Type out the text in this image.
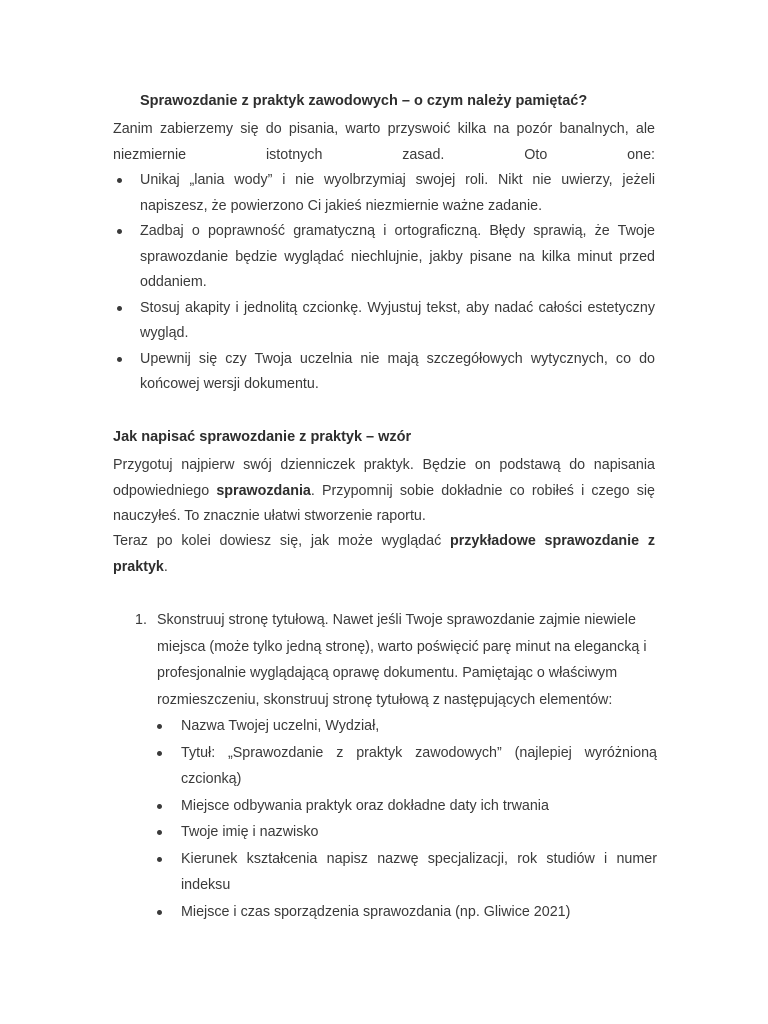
Sprawozdanie z praktyk zawodowych – o czym należy pamiętać?
Zanim zabierzemy się do pisania, warto przyswoić kilka na pozór banalnych, ale niezmiernie istotnych zasad. Oto one:
Unikaj „lania wody” i nie wyolbrzymiaj swojej roli. Nikt nie uwierzy, jeżeli napiszesz, że powierzono Ci jakieś niezmiernie ważne zadanie.
Zadbaj o poprawność gramatyczną i ortograficzną. Błędy sprawią, że Twoje sprawozdanie będzie wyglądać niechlujnie, jakby pisane na kilka minut przed oddaniem.
Stosuj akapity i jednolitą czcionkę. Wyjustuj tekst, aby nadać całości estetyczny wygląd.
Upewnij się czy Twoja uczelnia nie mają szczegółowych wytycznych, co do końcowej wersji dokumentu.
Jak napisać sprawozdanie z praktyk – wzór
Przygotuj najpierw swój dzienniczek praktyk. Będzie on podstawą do napisania odpowiedniego sprawozdania. Przypomnij sobie dokładnie co robiłeś i czego się nauczyłeś. To znacznie ułatwi stworzenie raportu.
Teraz po kolei dowiesz się, jak może wyglądać przykładowe sprawozdanie z praktyk.
1. Skonstruuj stronę tytułową. Nawet jeśli Twoje sprawozdanie zajmie niewiele miejsca (może tylko jedną stronę), warto poświęcić parę minut na elegancką i profesjonalnie wyglądającą oprawę dokumentu. Pamiętając o właściwym rozmieszczeniu, skonstruuj stronę tytułową z następujących elementów:
Nazwa Twojej uczelni, Wydział,
Tytuł: „Sprawozdanie z praktyk zawodowych” (najlepiej wyróżnioną czcionką)
Miejsce odbywania praktyk oraz dokładne daty ich trwania
Twoje imię i nazwisko
Kierunek kształcenia napisz nazwę specjalizacji, rok studiów i numer indeksu
Miejsce i czas sporządzenia sprawozdania (np. Gliwice 2021)
